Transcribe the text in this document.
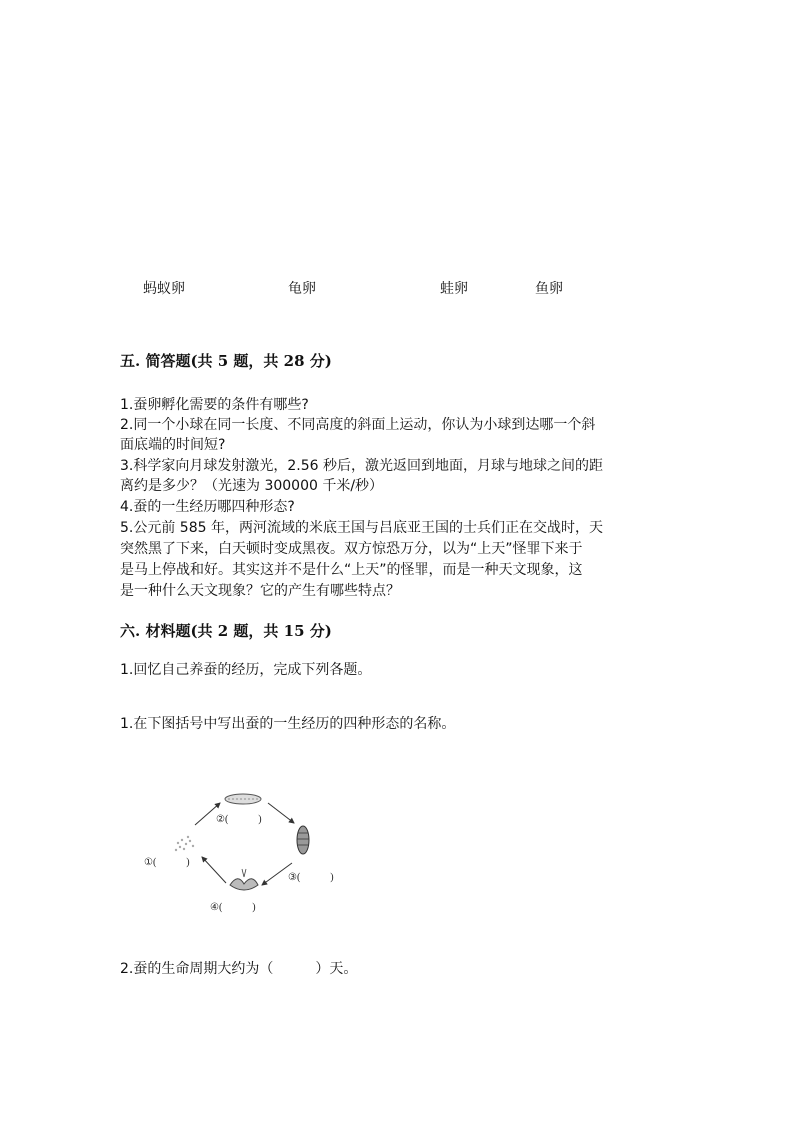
蚂蚁卵	龟卵	蛙卵	鱼卵
五. 简答题(共 5 题，共 28 分)
1.蚕卵孵化需要的条件有哪些?
2.同一个小球在同一长度、不同高度的斜面上运动，你认为小球到达哪一个斜
面底端的时间短?
3.科学家向月球发射激光，2.56 秒后，激光返回到地面，月球与地球之间的距
离约是多少？（光速为 300000 千米/秒）
4.蚕的一生经历哪四种形态?
5.公元前 585 年，两河流域的米底王国与吕底亚王国的士兵们正在交战时，天
突然黑了下来，白天顿时变成黑夜。双方惊恐万分，以为“上天”怪罪下来于
是马上停战和好。其实这并不是什么“上天”的怪罪，而是一种天文现象，这
是一种什么天文现象？它的产生有哪些特点？
六. 材料题(共 2 题，共 15 分)
1.回忆自己养蚕的经历，完成下列各题。
1.在下图括号中写出蚕的一生经历的四种形态的名称。
②(　　　)
①(　　　)
③(　　　)
④(　　　)
2.蚕的生命周期大约为（　　　）天。
